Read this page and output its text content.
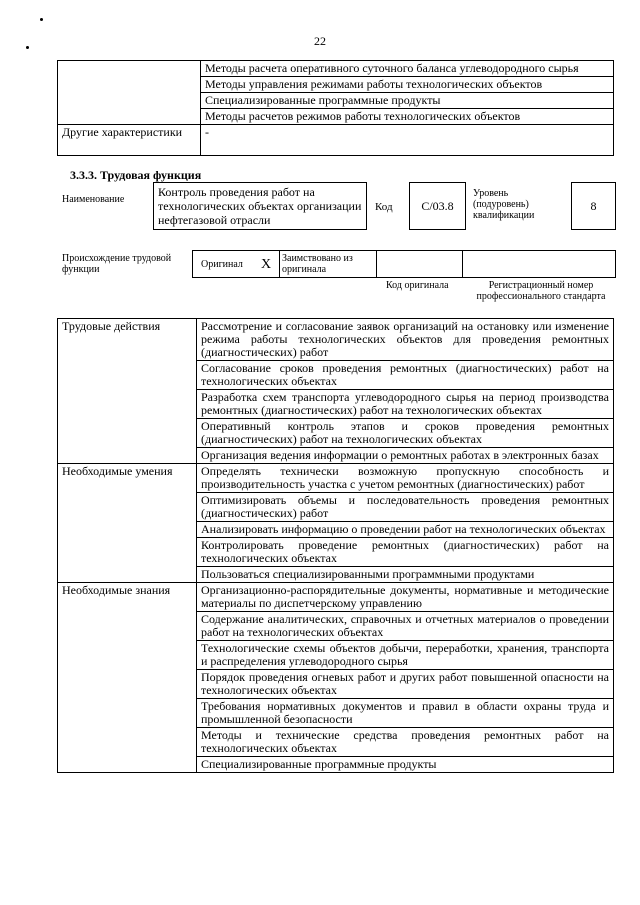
22
	Методы расчета оперативного суточного баланса углеводородного сырья
	Методы управления режимами работы технологических объектов
	Специализированные программные продукты
	Методы расчетов режимов работы технологических объектов
Другие характеристики	-
3.3.3. Трудовая функция
Наименование
Контроль проведения работ на технологических объектах организации нефтегазовой отрасли
Код С/03.8
Уровень (подуровень) квалификации
8
Происхождение трудовой функции	Оригинал X Заимствовано из оригинала
Код оригинала	Регистрационный номер профессионального стандарта
Трудовые действия	Рассмотрение и согласование заявок организаций на остановку или изменение режима работы технологических объектов для проведения ремонтных (диагностических) работ
	Согласование сроков проведения ремонтных (диагностических) работ на технологических объектах
	Разработка схем транспорта углеводородного сырья на период производства ремонтных (диагностических) работ на технологических объектах
	Оперативный контроль этапов и сроков проведения ремонтных (диагностических) работ на технологических объектах
	Организация ведения информации о ремонтных работах в электронных базах
Необходимые умения	Определять технически возможную пропускную способность и производительность участка с учетом ремонтных (диагностических) работ
	Оптимизировать объемы и последовательность проведения ремонтных (диагностических) работ
	Анализировать информацию о проведении работ на технологических объектах
	Контролировать проведение ремонтных (диагностических) работ на технологических объектах
	Пользоваться специализированными программными продуктами
Необходимые знания	Организационно-распорядительные документы, нормативные и методические материалы по диспетчерскому управлению
	Содержание аналитических, справочных и отчетных материалов о проведении работ на технологических объектах
	Технологические схемы объектов добычи, переработки, хранения, транспорта и распределения углеводородного сырья
	Порядок проведения огневых работ и других работ повышенной опасности на технологических объектах
	Требования нормативных документов и правил в области охраны труда и промышленной безопасности
	Методы и технические средства проведения ремонтных работ на технологических объектах
	Специализированные программные продукты
